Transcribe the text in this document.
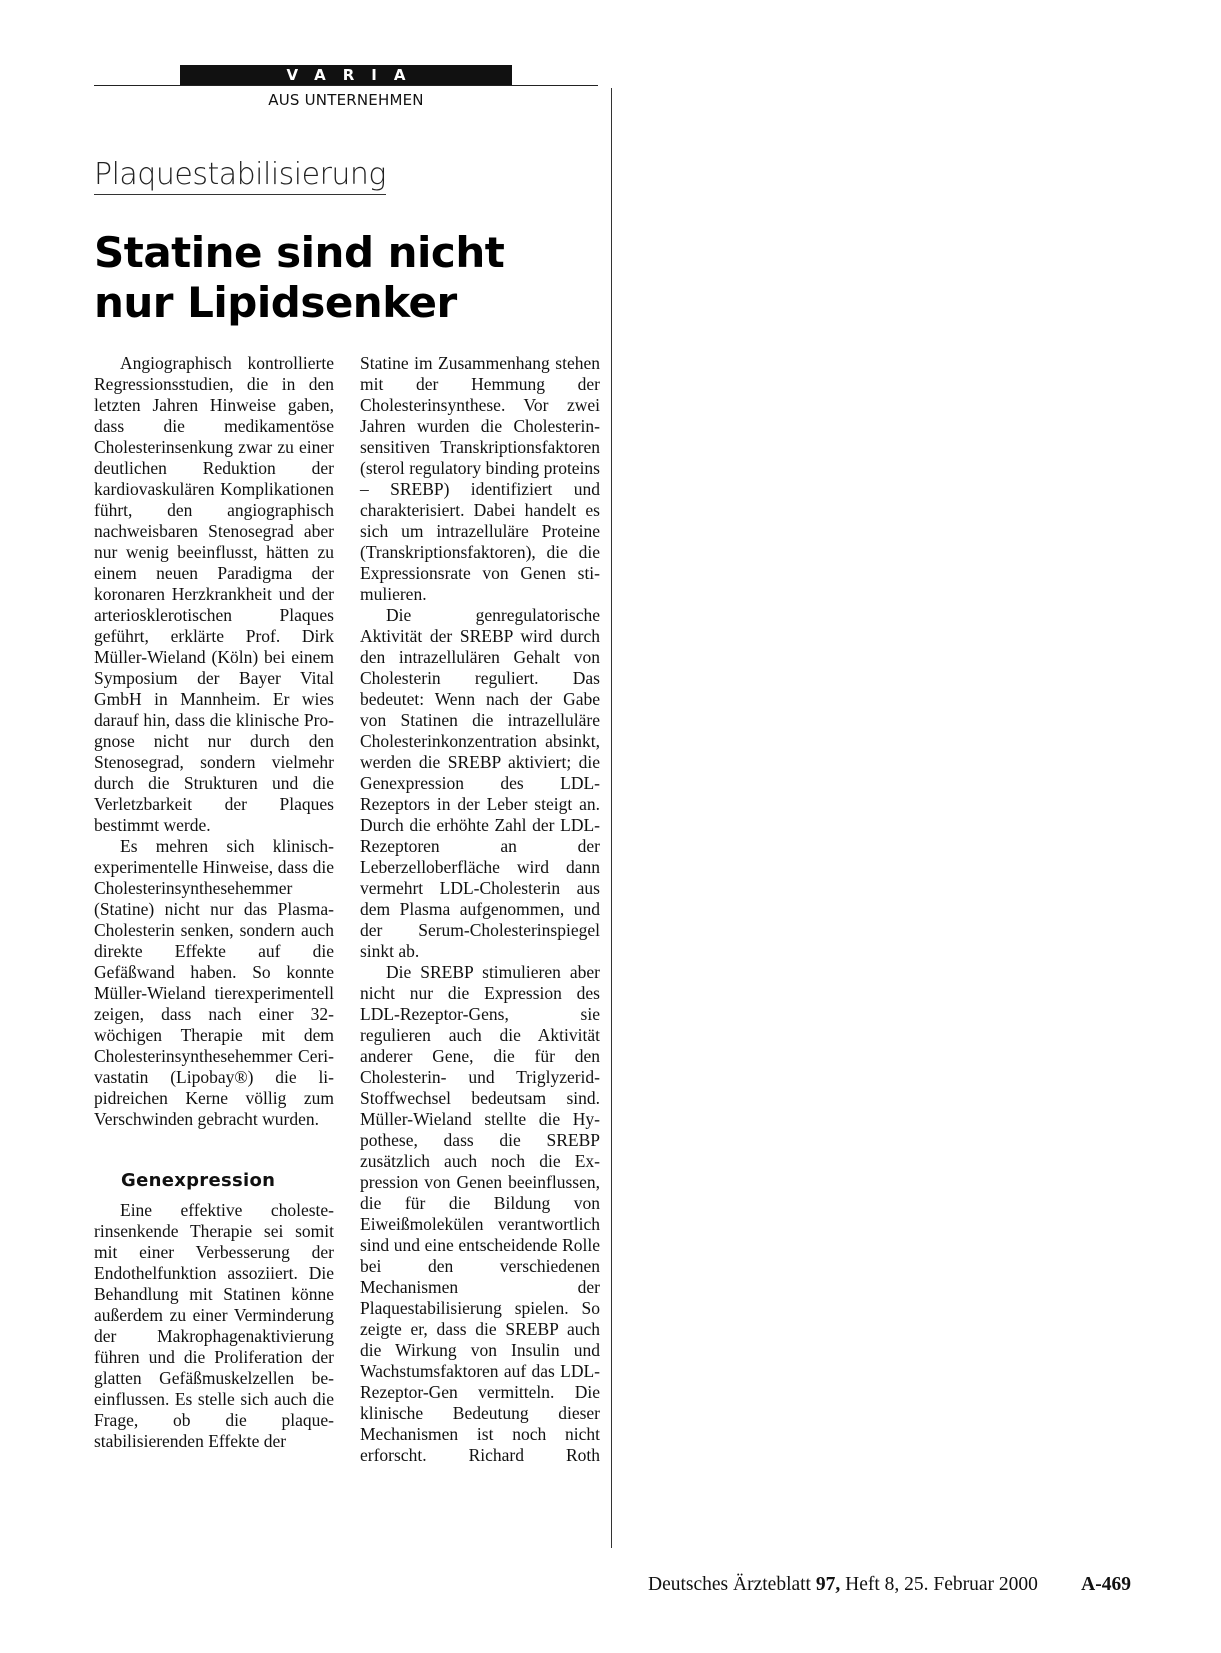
VARIA
AUS UNTERNEHMEN
Plaquestabilisierung
Statine sind nicht
nur Lipidsenker

Angiographisch kontrollierte Regressionsstudien, die in den letzten Jahren Hinweise gaben, dass die medikamentöse Cholesterinsenkung zwar zu einer deutlichen Reduktion der kardiovaskulären Komplikationen führt, den angiographisch nachweisbaren Stenosegrad aber nur wenig beeinflusst, hätten zu einem neuen Paradigma der koronaren Herzkrankheit und der arteriosklerotischen Plaques geführt, erklärte Prof. Dirk Müller-Wieland (Köln) bei einem Symposium der Bayer Vital GmbH in Mannheim. Er wies darauf hin, dass die klinische Prognose nicht nur durch den Stenosegrad, sondern vielmehr durch die Strukturen und die Verletzbarkeit der Plaques bestimmt werde.

Es mehren sich klinisch-experimentelle Hinweise, dass die Cholesterinsynthesehemmer (Statine) nicht nur das Plasma-Cholesterin senken, sondern auch direkte Effekte auf die Gefäßwand haben. So konnte Müller-Wieland tierexperimentell zeigen, dass nach einer 32-wöchigen Therapie mit dem Cholesterinsynthesehemmer Cerivastatin (Lipobay®) die lipidreichen Kerne völlig zum Verschwinden gebracht wurden.

Genexpression

Eine effektive cholesterinsenkende Therapie sei somit mit einer Verbesserung der Endothelfunktion assoziiert. Die Behandlung mit Statinen könne außerdem zu einer Verminderung der Makrophagenaktivierung führen und die Proliferation der glatten Gefäßmuskelzellen beeinflussen. Es stelle sich auch die Frage, ob die plaquestabilisierenden Effekte der

Statine im Zusammenhang stehen mit der Hemmung der Cholesterinsynthese. Vor zwei Jahren wurden die Cholesterin-sensitiven Transkriptionsfaktoren (sterol regulatory binding proteins – SREBP) identifiziert und charakterisiert. Dabei handelt es sich um intrazelluläre Proteine (Transkriptionsfaktoren), die die Expressionsrate von Genen stimulieren.

Die genregulatorische Aktivität der SREBP wird durch den intrazellulären Gehalt von Cholesterin reguliert. Das bedeutet: Wenn nach der Gabe von Statinen die intrazelluläre Cholesterinkonzentration absinkt, werden die SREBP aktiviert; die Genexpression des LDL-Rezeptors in der Leber steigt an. Durch die erhöhte Zahl der LDL-Rezeptoren an der Leberzelloberfläche wird dann vermehrt LDL-Cholesterin aus dem Plasma aufgenommen, und der Serum-Cholesterinspiegel sinkt ab.

Die SREBP stimulieren aber nicht nur die Expression des LDL-Rezeptor-Gens, sie regulieren auch die Aktivität anderer Gene, die für den Cholesterin- und Triglyzerid-Stoffwechsel bedeutsam sind. Müller-Wieland stellte die Hypothese, dass die SREBP zusätzlich auch noch die Expression von Genen beeinflussen, die für die Bildung von Eiweißmolekülen verantwortlich sind und eine entscheidende Rolle bei den verschiedenen Mechanismen der Plaquestabilisierung spielen. So zeigte er, dass die SREBP auch die Wirkung von Insulin und Wachstumsfaktoren auf das LDL-Rezeptor-Gen vermitteln. Die klinische Bedeutung dieser Mechanismen ist noch nicht erforscht. Richard Roth

Deutsches Ärzteblatt 97, Heft 8, 25. Februar 2000 A-469
